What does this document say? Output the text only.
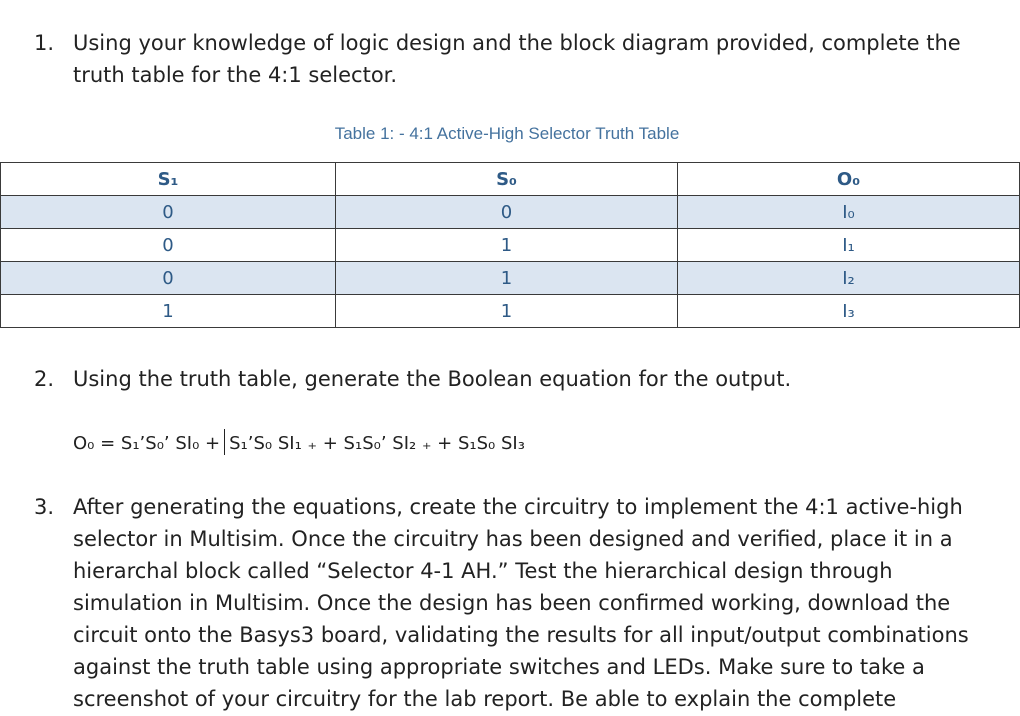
1. Using your knowledge of logic design and the block diagram provided, complete the truth table for the 4:1 selector.
Table 1: - 4:1 Active-High Selector Truth Table
S₁	S₀	O₀
0	0	I₀
0	1	I₁
0	1	I₂
1	1	I₃
2. Using the truth table, generate the Boolean equation for the output.
O₀ = S₁’S₀’ SI₀ + S₁’S₀ SI₁ ₊ + S₁S₀’ SI₂ ₊ + S₁S₀ SI₃
3. After generating the equations, create the circuitry to implement the 4:1 active-high selector in Multisim. Once the circuitry has been designed and verified, place it in a hierarchal block called “Selector 4-1 AH.” Test the hierarchical design through simulation in Multisim. Once the design has been confirmed working, download the circuit onto the Basys3 board, validating the results for all input/output combinations against the truth table using appropriate switches and LEDs. Make sure to take a screenshot of your circuitry for the lab report. Be able to explain the complete
